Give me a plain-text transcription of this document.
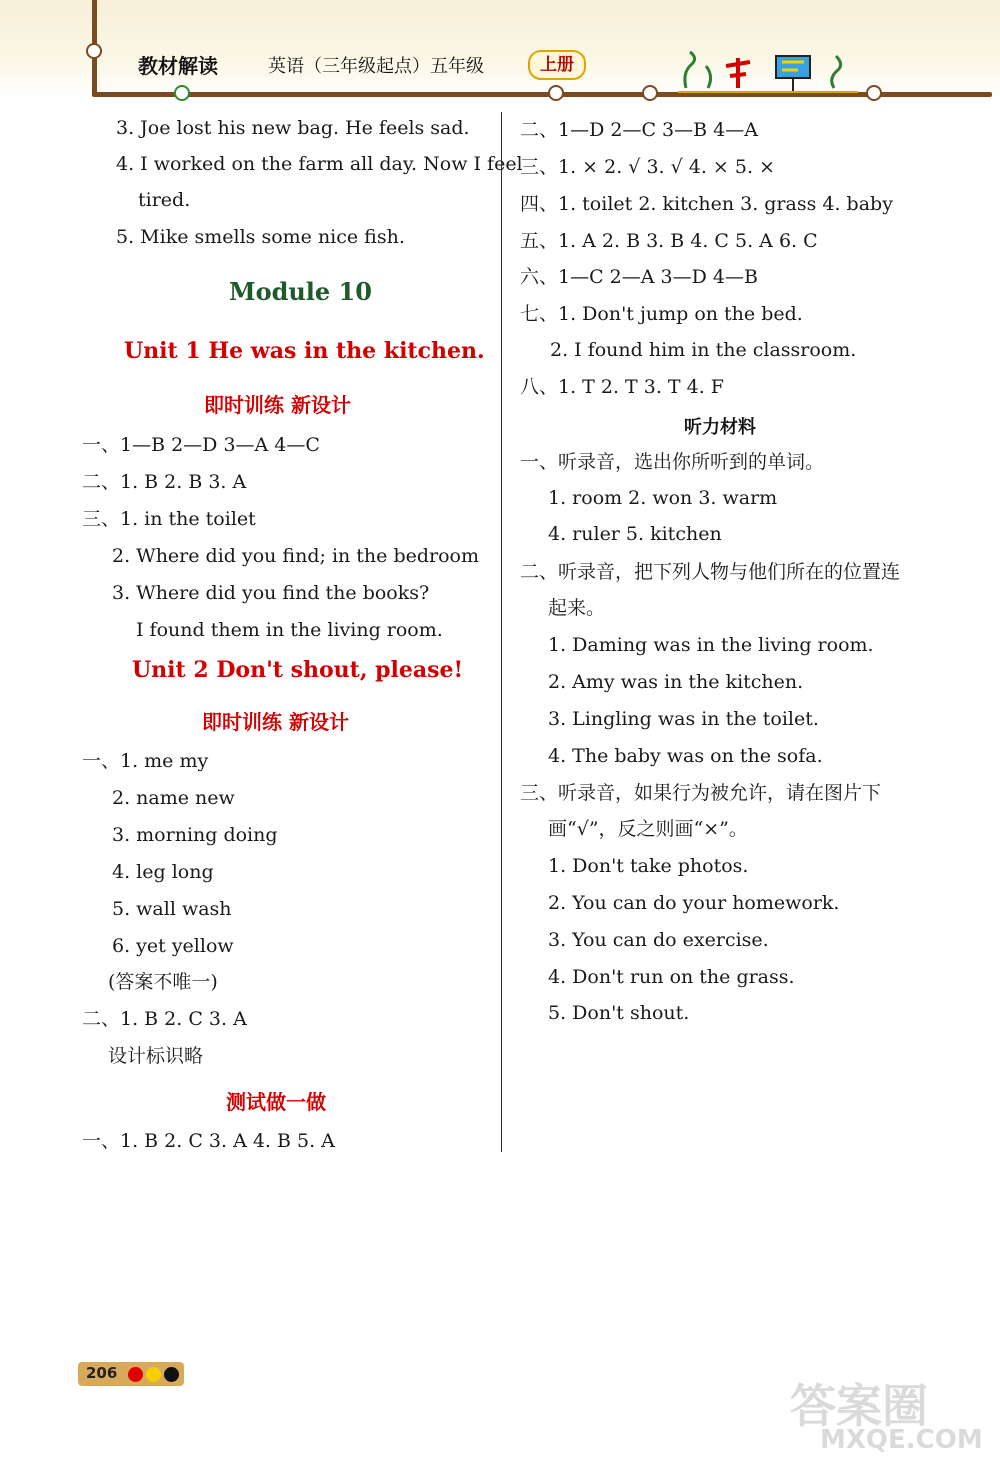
教材解读	英语（三年级起点）五年级	上册
3. Joe lost his new bag. He feels sad.
4. I worked on the farm all day. Now I feel
tired.
5. Mike smells some nice fish.
Module 10
Unit 1 He was in the kitchen.
即时训练 新设计
一、1—B 2—D 3—A 4—C
二、1. B 2. B 3. A
三、1. in the toilet
2. Where did you find; in the bedroom
3. Where did you find the books?
I found them in the living room.
Unit 2 Don't shout, please!
即时训练 新设计
一、1. me my
2. name new
3. morning doing
4. leg long
5. wall wash
6. yet yellow
(答案不唯一)
二、1. B 2. C 3. A
设计标识略
测试做一做
一、1. B 2. C 3. A 4. B 5. A
二、1—D 2—C 3—B 4—A
三、1. × 2. √ 3. √ 4. × 5. ×
四、1. toilet 2. kitchen 3. grass 4. baby
五、1. A 2. B 3. B 4. C 5. A 6. C
六、1—C 2—A 3—D 4—B
七、1. Don't jump on the bed.
2. I found him in the classroom.
八、1. T 2. T 3. T 4. F
听力材料
一、听录音，选出你所听到的单词。
1. room 2. won 3. warm
4. ruler 5. kitchen
二、听录音，把下列人物与他们所在的位置连
起来。
1. Daming was in the living room.
2. Amy was in the kitchen.
3. Lingling was in the toilet.
4. The baby was on the sofa.
三、听录音，如果行为被允许，请在图片下
画“√”，反之则画“×”。
1. Don't take photos.
2. You can do your homework.
3. You can do exercise.
4. Don't run on the grass.
5. Don't shout.
206
答案圈
MXQE.COM
